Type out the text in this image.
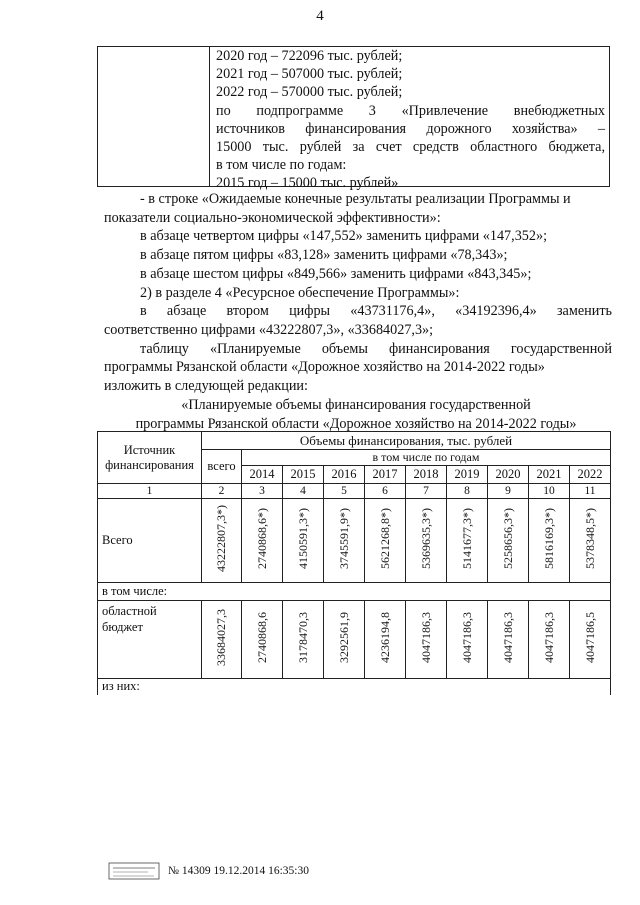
4
2020 год – 722096 тыс. рублей;
2021 год – 507000 тыс. рублей;
2022 год – 570000 тыс. рублей;
по подпрограмме 3 «Привлечение внебюджетных
источников финансирования дорожного хозяйства» –
15000 тыс. рублей за счет средств областного бюджета,
в том числе по годам:
2015 год – 15000 тыс. рублей»
- в строке «Ожидаемые конечные результаты реализации Программы и
показатели социально-экономической эффективности»:
в абзаце четвертом цифры «147,552» заменить цифрами «147,352»;
в абзаце пятом цифры «83,128» заменить цифрами «78,343»;
в абзаце шестом цифры «849,566» заменить цифрами «843,345»;
2) в разделе 4 «Ресурсное обеспечение Программы»:
в абзаце втором цифры «43731176,4», «34192396,4» заменить
соответственно цифрами «43222807,3», «33684027,3»;
таблицу «Планируемые объемы финансирования государственной
программы Рязанской области «Дорожное хозяйство на 2014-2022 годы»
изложить в следующей редакции:
«Планируемые объемы финансирования государственной
программы Рязанской области «Дорожное хозяйство на 2014-2022 годы»
Источник финансирования	Объемы финансирования, тыс. рублей									
	всего	в том числе по годам								
		2014	2015	2016	2017	2018	2019	2020	2021	2022
1	2	3	4	5	6	7	8	9	10	11
Всего	43222807,3*)	2740868,6*)	4150591,3*)	3745591,9*)	5621268,8*)	5369635,3*)	5141677,3*)	5258656,3*)	5816169,3*)	5378348,5*)
в том числе:										
областной бюджет	33684027,3	2740868,6	3178470,3	3292561,9	4236194,8	4047186,3	4047186,3	4047186,3	4047186,3	4047186,5
из них:										
№ 14309 19.12.2014 16:35:30
